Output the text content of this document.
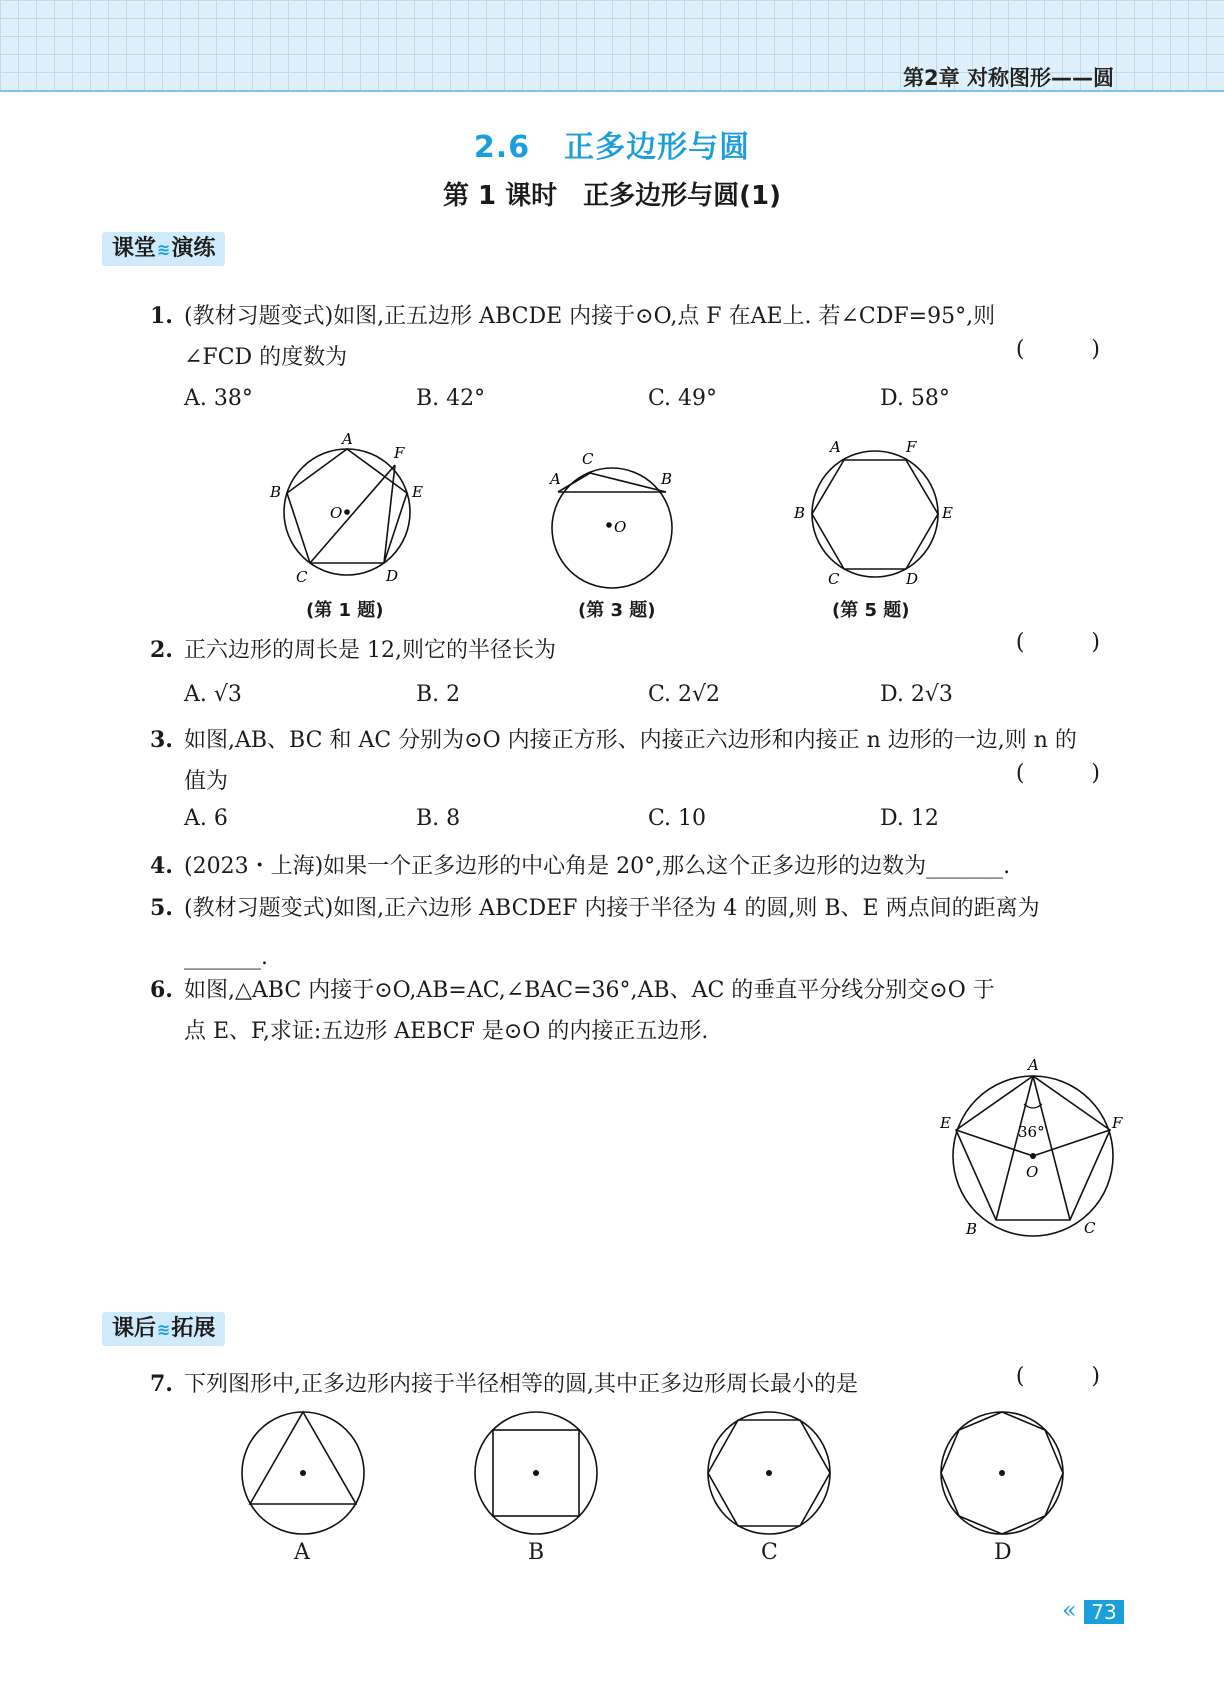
第2章 对称图形——圆
2.6 正多边形与圆
第 1 课时 正多边形与圆(1)
课堂≋演练
1. (教材习题变式)如图,正五边形 ABCDE 内接于⊙O,点 F 在AE上. 若∠CDF=95°,则
∠FCD 的度数为	( )
A. 38°	B. 42°	C. 49°	D. 58°
A
B
C	D
E
F
O
(第 1 题)
A	B
C
O
(第 3 题)
A
B
C	D
E
F
(第 5 题)
2. 正六边形的周长是 12,则它的半径长为	( )
A. √3	B. 2	C. 2√2	D. 2√3
3. 如图,AB、BC 和 AC 分别为⊙O 内接正方形、内接正六边形和内接正 n 边形的一边,则 n 的
值为	( )
A. 6	B. 8	C. 10	D. 12
4. (2023・上海)如果一个正多边形的中心角是 20°,那么这个正多边形的边数为_______.
5. (教材习题变式)如图,正六边形 ABCDEF 内接于半径为 4 的圆,则 B、E 两点间的距离为
_______.
6. 如图,△ABC 内接于⊙O,AB=AC,∠BAC=36°,AB、AC 的垂直平分线分别交⊙O 于
点 E、F,求证:五边形 AEBCF 是⊙O 的内接正五边形.
A
B	C
E	F
O
36°
课后≋拓展
7. 下列图形中,正多边形内接于半径相等的圆,其中正多边形周长最小的是	( )
A	B	C	D
« 73
